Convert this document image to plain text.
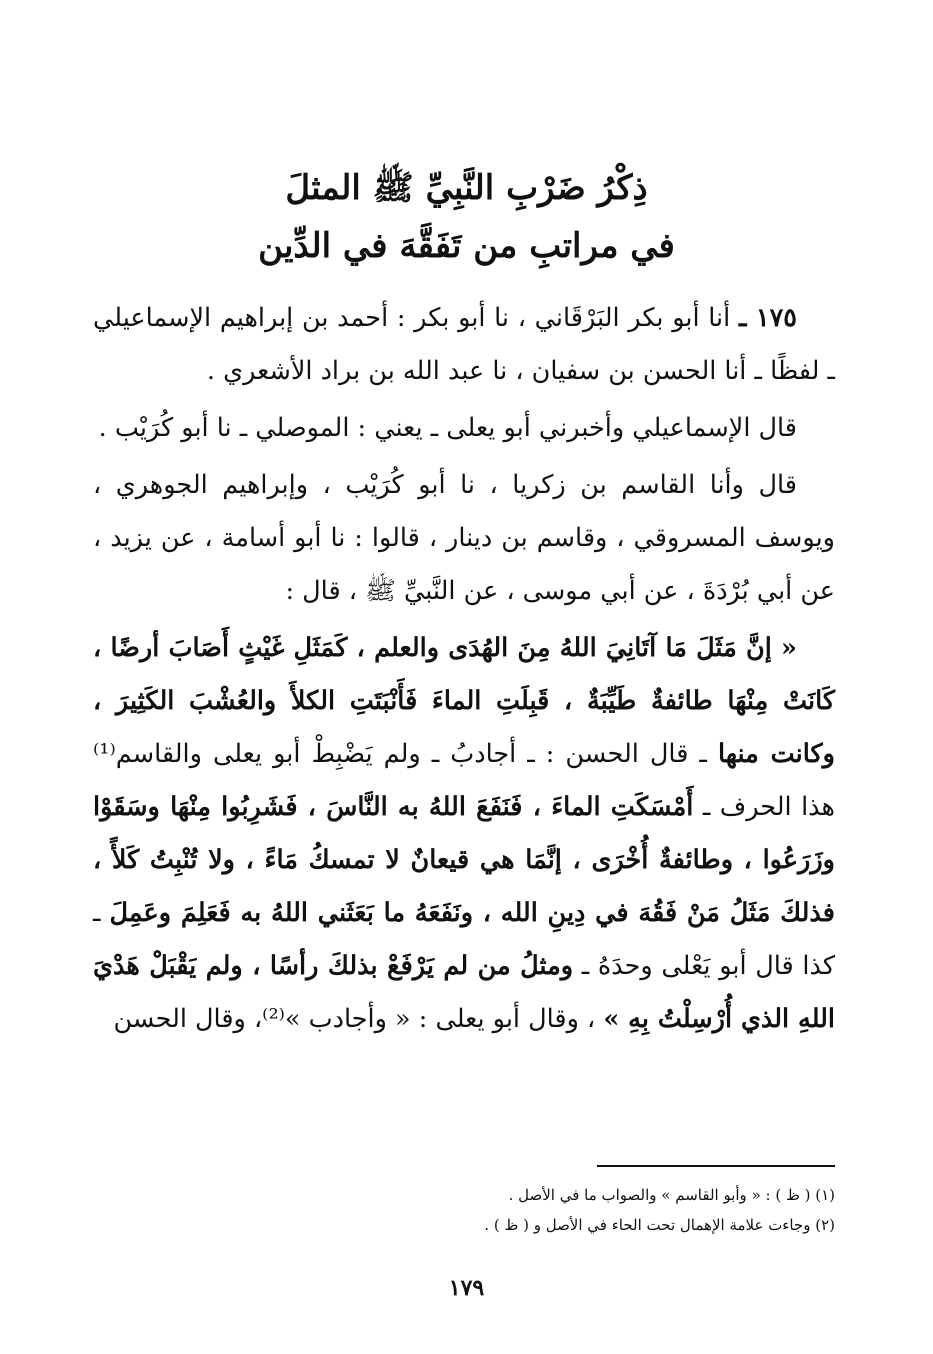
ذِكْرُ ضَرْبِ النَّبِيِّ ﷺ المثلَ
في مراتبِ من تَفَقَّهَ في الدِّين

١٧٥ ـ أنا أبو بكر البَرْقَاني ، نا أبو بكر : أحمد بن إبراهيم الإسماعيلي ـ لفظًا ـ أنا الحسن بن سفيان ، نا عبد الله بن براد الأشعري .

قال الإسماعيلي وأخبرني أبو يعلى ـ يعني : الموصلي ـ نا أبو كُرَيْب .

قال وأنا القاسم بن زكريا ، نا أبو كُرَيْب ، وإبراهيم الجوهري ، ويوسف المسروقي ، وقاسم بن دينار ، قالوا : نا أبو أسامة ، عن يزيد ، عن أبي بُرْدَةَ ، عن أبي موسى ، عن النَّبيِّ ﷺ ، قال :

« إنَّ مَثَلَ مَا آتَانِيَ اللهُ مِنَ الهُدَى والعلم ، كَمَثَلِ غَيْثٍ أَصَابَ أرضًا ، كَانَتْ مِنْهَا طائفةٌ طَيِّبَةٌ ، قَبِلَتِ الماءَ فَأَنْبَتَتِ الكلأَ والعُشْبَ الكَثِيرَ ، وكانت منها ـ قال الحسن : ـ أجادبُ ـ ولم يَضْبِطْ أبو يعلى والقاسم⁽¹⁾ هذا الحرف ـ أَمْسَكَتِ الماءَ ، فَنَفَعَ اللهُ به النَّاسَ ، فَشَرِبُوا مِنْهَا وسَقَوْا وزَرَعُوا ، وطائفةٌ أُخْرَى ، إنَّمَا هي قيعانٌ لا تمسكُ مَاءً ، ولا تُنْبِتُ كَلأً ، فذلكَ مَثَلُ مَنْ فَقُهَ في دِينِ الله ، ونَفَعَهُ ما بَعَثَني اللهُ به فَعَلِمَ وعَمِلَ ـ كذا قال أبو يَعْلى وحدَهُ ـ ومثلُ من لم يَرْفَعْ بذلكَ رأسًا ، ولم يَقْبَلْ هَدْيَ اللهِ الذي أُرْسِلْتُ بِهِ » ، وقال أبو يعلى : « وأجادب »⁽²⁾، وقال الحسن

(١) ( ظ ) : « وأبو القاسم » والصواب ما في الأصل .
(٢) وجاءت علامة الإهمال تحت الحاء في الأصل و ( ظ ) .
١٧٩
